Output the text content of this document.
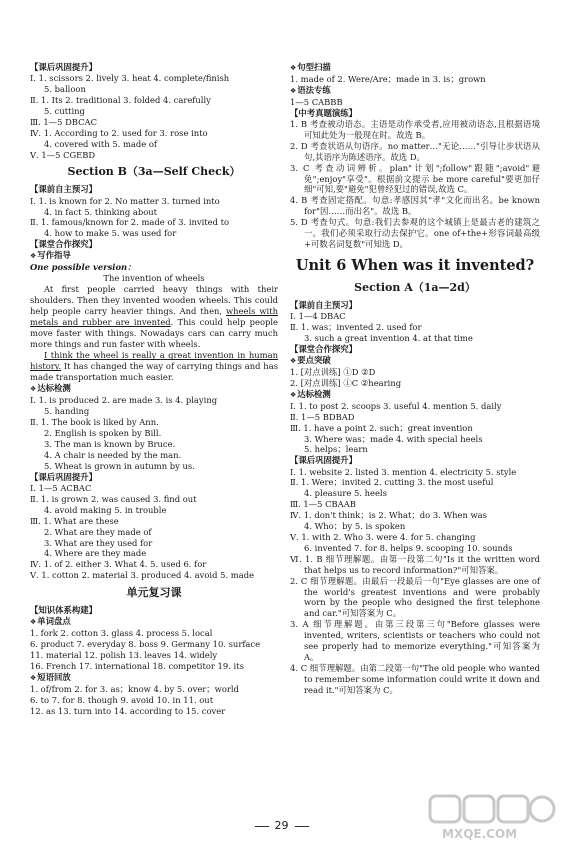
【课后巩固提升】
Ⅰ. 1. scissors 2. lively 3. heat 4. complete/finish
5. balloon
Ⅱ. 1. Its 2. traditional 3. folded 4. carefully
5. cutting
Ⅲ. 1—5 DBCAC
Ⅳ. 1. According to 2. used for 3. rose into
4. covered with 5. made of
Ⅴ. 1—5 CGEBD
Section B（3a—Self Check）
【课前自主预习】
Ⅰ. 1. is known for 2. No matter 3. turned into
4. in fact 5. thinking about
Ⅱ. 1. famous/known for 2. made of 3. invited to
4. how to make 5. was used for
【课堂合作探究】
❖ 写作指导
One possible version：
The invention of wheels
At first people carried heavy things with their shoulders. Then they invented wooden wheels. This could help people carry heavier things. And then, wheels with metals and rubber are invented. This could help people move faster with things. Nowadays cars can carry much more things and run faster with wheels.
I think the wheel is really a great invention in human history. It has changed the way of carrying things and has made transportation much easier.
❖ 达标检测
Ⅰ. 1. is produced 2. are made 3. is 4. playing
5. handing
Ⅱ. 1. The book is liked by Ann.
2. English is spoken by Bill.
3. The man is known by Bruce.
4. A chair is needed by the man.
5. Wheat is grown in autumn by us.
【课后巩固提升】
Ⅰ. 1—5 ACBAC
Ⅱ. 1. is grown 2. was caused 3. find out
4. avoid making 5. in trouble
Ⅲ. 1. What are these
2. What are they made of
3. What are they used for
4. Where are they made
Ⅳ. 1. of 2. either 3. What 4. 5. used 6. for
Ⅴ. 1. cotton 2. material 3. produced 4. avoid 5. made
单元复习课
【知识体系构建】
❖ 单词盘点
1. fork 2. cotton 3. glass 4. process 5. local
6. product 7. everyday 8. boss 9. Germany 10. surface
11. material 12. polish 13. leaves 14. widely
16. French 17. international 18. competitor 19. its
❖ 短语回放
1. of/from 2. for 3. as；know 4. by 5. over；world
6. to 7. for 8. though 9. avoid 10. in 11. out
12. as 13. turn into 14. according to 15. cover
❖ 句型扫描
1. made of 2. Were/Are；made in 3. is；grown
❖ 语法专练
1—5 CABBB
【中考真题演练】
1. B 考查被动语态。主语是动作承受者,应用被动语态,且根据语境可知此处为一般现在时。故选 B。
2. D 考查状语从句语序。no matter…"无论……"引导让步状语从句,其语序为陈述语序。故选 D。
3. C 考查动词辨析。plan"计划";follow"跟随";avoid"避免";enjoy"享受"。根据前文提示 be more careful"要更加仔细"可知,要"避免"犯曾经犯过的错误,故选 C。
4. B 考查固定搭配。句意:孝感因其"孝"文化而出名。be known for"因……而出名"。故选 B。
5. D 考查句式。句意:我们去参观的这个城镇上是最古老的建筑之一。我们必须采取行动去保护它。one of+the+形容词最高级+可数名词复数"可知选 D。
Unit 6 When was it invented?
Section A（1a—2d）
【课前自主预习】
Ⅰ. 1—4 DBAC
Ⅱ. 1. was；invented 2. used for
3. such a great invention 4. at that time
【课堂合作探究】
❖ 要点突破
1. [对点训练] ①D ②D
2. [对点训练] ①C ②hearing
❖ 达标检测
Ⅰ. 1. to post 2. scoops 3. useful 4. mention 5. daily
Ⅱ. 1—5 BDBAD
Ⅲ. 1. have a point 2. such；great invention
3. Where was；made 4. with special heels
5. helps；learn
【课后巩固提升】
Ⅰ. 1. website 2. listed 3. mention 4. electricity 5. style
Ⅱ. 1. Were；invited 2. cutting 3. the most useful
4. pleasure 5. heels
Ⅲ. 1—5 CBAAB
Ⅳ. 1. don't think；is 2. What；do 3. When was
4. Who；by 5. is spoken
Ⅴ. 1. with 2. Who 3. were 4. for 5. changing
6. invented 7. for 8. helps 9. scooping 10. sounds
Ⅵ. 1. B 细节理解题。由第一段第二句"Is it the written word that helps us to record information?"可知答案。
2. C 细节理解题。由最后一段最后一句"Eye glasses are one of the world's greatest inventions and were probably worn by the people who designed the first telephone and car."可知答案为 C。
3. A 细节理解题。由第三段第三句"Before glasses were invented, writers, scientists or teachers who could not see properly had to memorize everything."可知答案为 A。
4. C 细节理解题。由第二段第一句"The old people who wanted to remember some information could write it down and read it."可知答案为 C。
29
MXQE.COM
